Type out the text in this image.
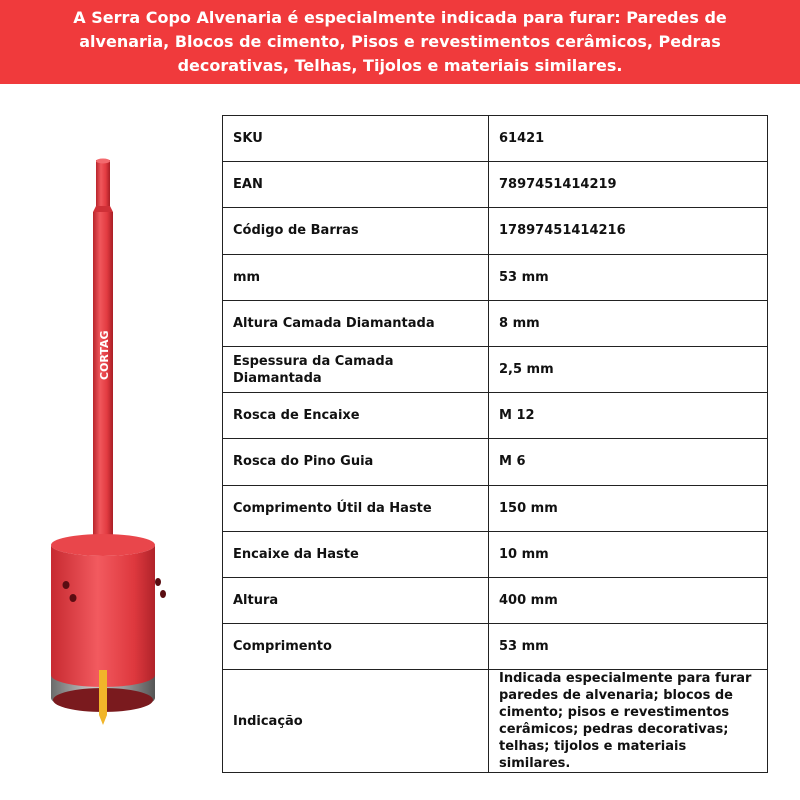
A Serra Copo Alvenaria é especialmente indicada para furar: Paredes de alvenaria, Blocos de cimento, Pisos e revestimentos cerâmicos, Pedras decorativas, Telhas, Tijolos e materiais similares.
CORTAG
SKU	61421
EAN	7897451414219
Código de Barras	17897451414216
mm	53 mm
Altura Camada Diamantada	8 mm
Espessura da Camada Diamantada	2,5 mm
Rosca de Encaixe	M 12
Rosca do Pino Guia	M 6
Comprimento Útil da Haste	150 mm
Encaixe da Haste	10 mm
Altura	400 mm
Comprimento	53 mm
Indicação	Indicada especialmente para furar paredes de alvenaria; blocos de cimento; pisos e revestimentos cerâmicos; pedras decorativas; telhas; tijolos e materiais similares.
